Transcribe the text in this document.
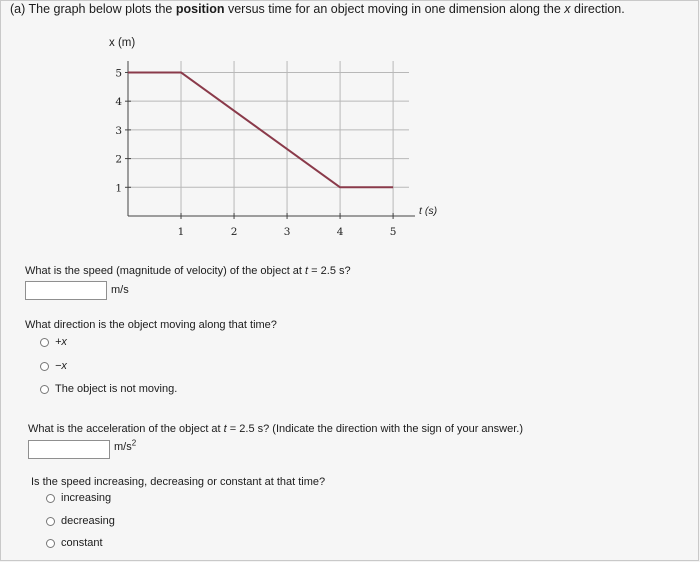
(a) The graph below plots the position versus time for an object moving in one dimension along the x direction.
1	2	3	4	5
1
2
3
4
5
x (m)
t (s)
What is the speed (magnitude of velocity) of the object at t = 2.5 s?
m/s
What direction is the object moving along that time?
+x
−x
The object is not moving.
What is the acceleration of the object at t = 2.5 s? (Indicate the direction with the sign of your answer.)
$m/s^2$
Is the speed increasing, decreasing or constant at that time?
increasing
decreasing
constant
